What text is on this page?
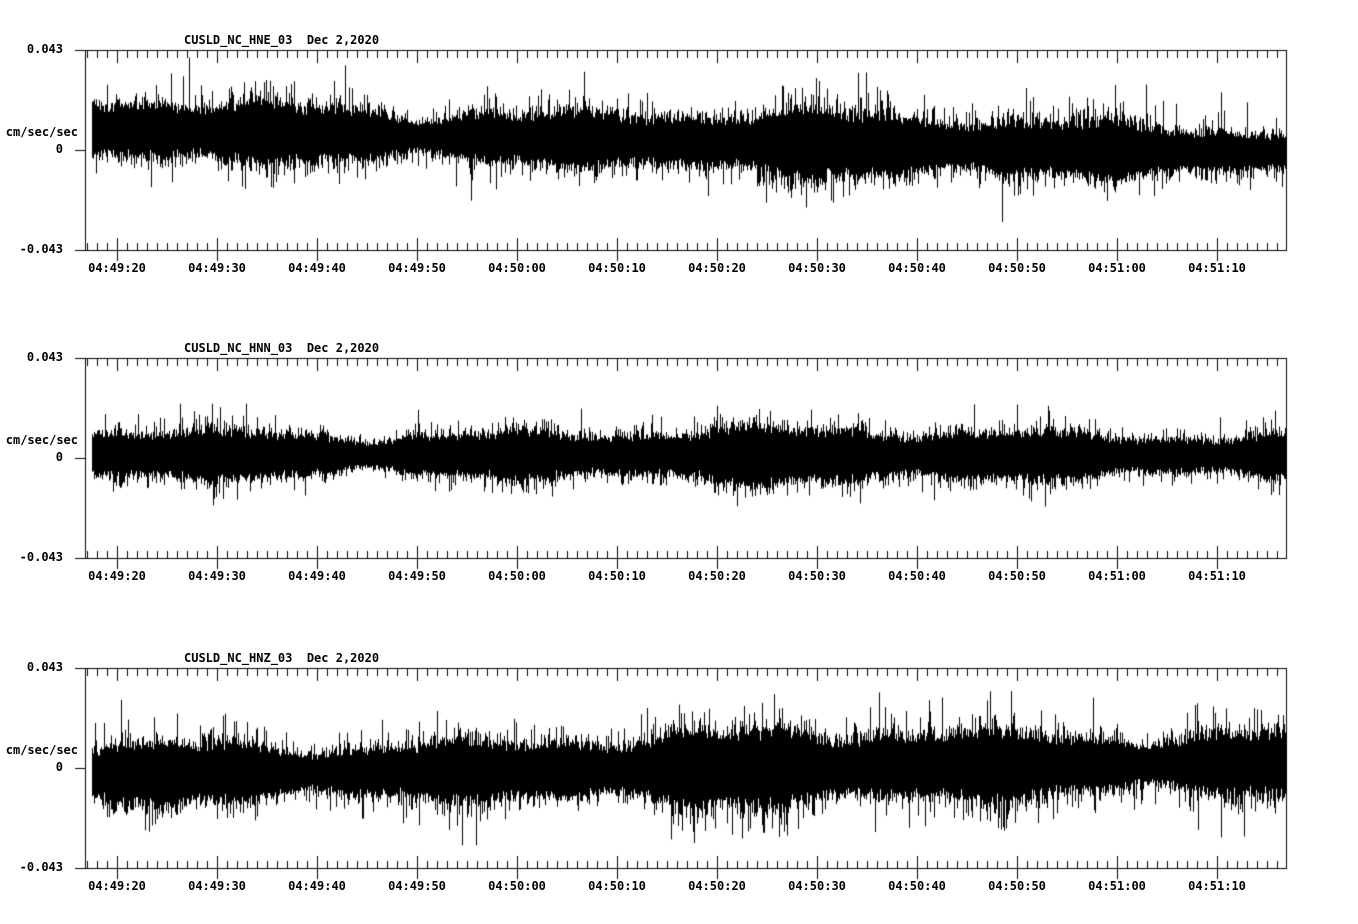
CUSLD_NC_HNE_03  Dec 2,2020
0.043
cm/sec/sec
0
-0.043
04:49:20	04:49:30	04:49:40	04:49:50	04:50:00	04:50:10	04:50:20	04:50:30	04:50:40	04:50:50	04:51:00	04:51:10
CUSLD_NC_HNN_03  Dec 2,2020
0.043
cm/sec/sec
0
-0.043
04:49:20	04:49:30	04:49:40	04:49:50	04:50:00	04:50:10	04:50:20	04:50:30	04:50:40	04:50:50	04:51:00	04:51:10
CUSLD_NC_HNZ_03  Dec 2,2020
0.043
cm/sec/sec
0
-0.043
04:49:20	04:49:30	04:49:40	04:49:50	04:50:00	04:50:10	04:50:20	04:50:30	04:50:40	04:50:50	04:51:00	04:51:10
